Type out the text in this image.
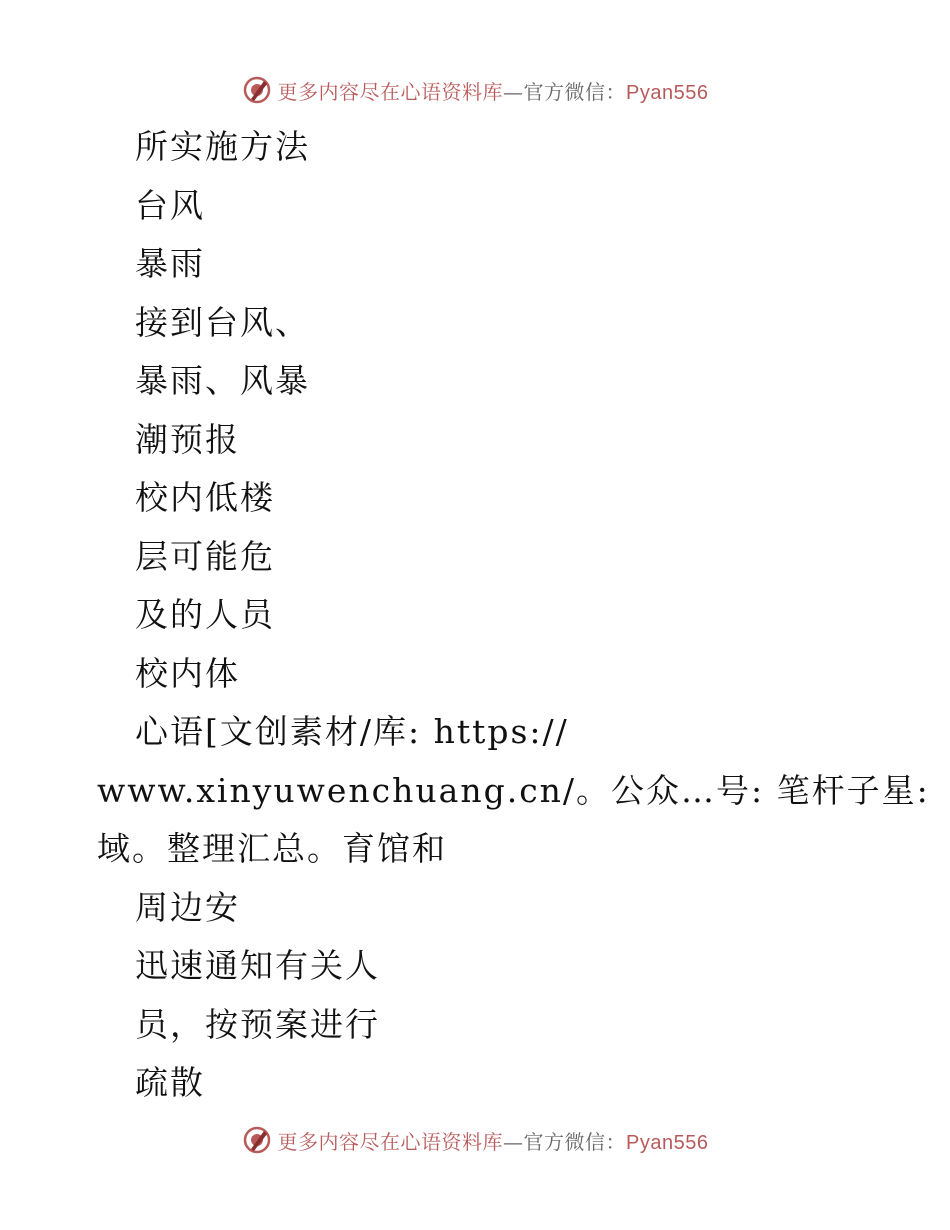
更多内容尽在心语资料库—官方微信：Pyan556
所实施方法
台风
暴雨
接到台风、
暴雨、风暴
潮预报
校内低楼
层可能危
及的人员
校内体
心语[文创素材/库: https://
www.xinyuwenchuang.cn/。公众…号: 笔杆子星:
域。整理汇总。育馆和
周边安
迅速通知有关人
员，按预案进行
疏散
更多内容尽在心语资料库—官方微信：Pyan556
